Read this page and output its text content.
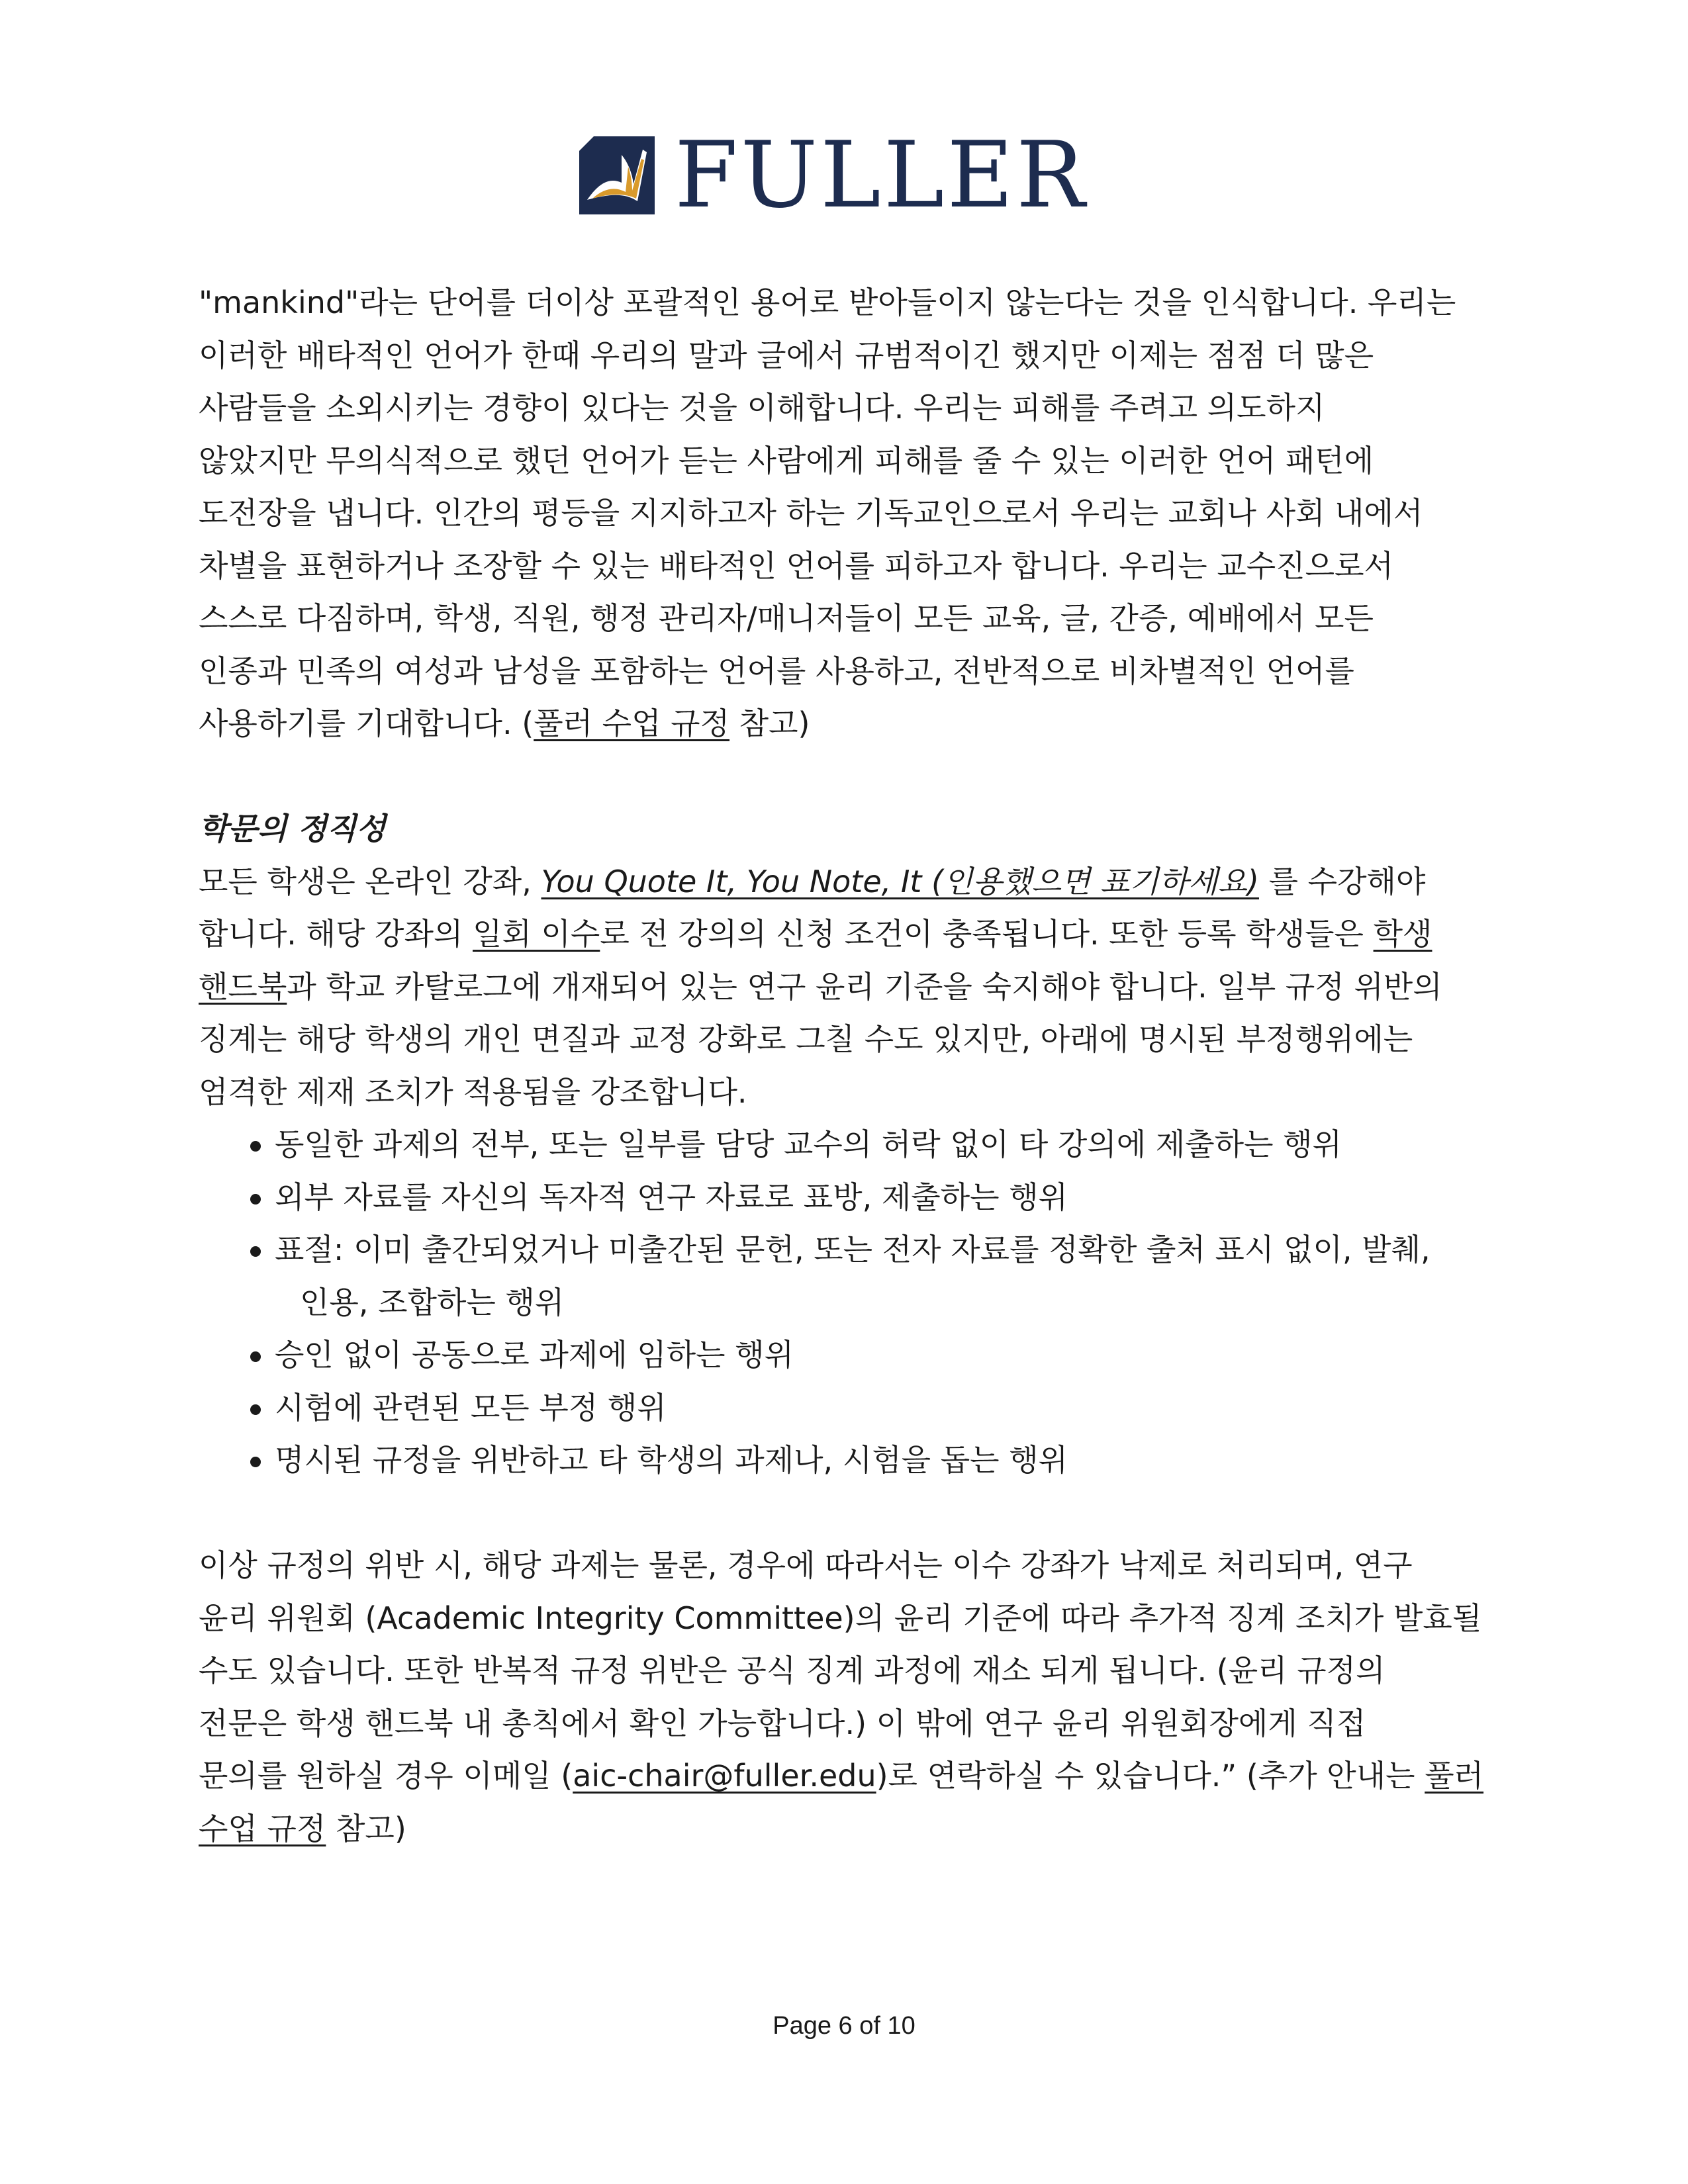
FULLER
"mankind"라는 단어를 더이상 포괄적인 용어로 받아들이지 않는다는 것을 인식합니다. 우리는
이러한 배타적인 언어가 한때 우리의 말과 글에서 규범적이긴 했지만 이제는 점점 더 많은
사람들을 소외시키는 경향이 있다는 것을 이해합니다. 우리는 피해를 주려고 의도하지
않았지만 무의식적으로 했던 언어가 듣는 사람에게 피해를 줄 수 있는 이러한 언어 패턴에
도전장을 냅니다. 인간의 평등을 지지하고자 하는 기독교인으로서 우리는 교회나 사회 내에서
차별을 표현하거나 조장할 수 있는 배타적인 언어를 피하고자 합니다. 우리는 교수진으로서
스스로 다짐하며, 학생, 직원, 행정 관리자/매니저들이 모든 교육, 글, 간증, 예배에서 모든
인종과 민족의 여성과 남성을 포함하는 언어를 사용하고, 전반적으로 비차별적인 언어를
사용하기를 기대합니다. (풀러 수업 규정 참고)
학문의 정직성
모든 학생은 온라인 강좌, You Quote It, You Note, It (인용했으면 표기하세요) 를 수강해야
합니다. 해당 강좌의 일회 이수로 전 강의의 신청 조건이 충족됩니다. 또한 등록 학생들은 학생
핸드북과 학교 카탈로그에 개재되어 있는 연구 윤리 기준을 숙지해야 합니다. 일부 규정 위반의
징계는 해당 학생의 개인 면질과 교정 강화로 그칠 수도 있지만, 아래에 명시된 부정행위에는
엄격한 제재 조치가 적용됨을 강조합니다.
동일한 과제의 전부, 또는 일부를 담당 교수의 허락 없이 타 강의에 제출하는 행위
외부 자료를 자신의 독자적 연구 자료로 표방, 제출하는 행위
표절: 이미 출간되었거나 미출간된 문헌, 또는 전자 자료를 정확한 출처 표시 없이, 발췌,
인용, 조합하는 행위
승인 없이 공동으로 과제에 임하는 행위
시험에 관련된 모든 부정 행위
명시된 규정을 위반하고 타 학생의 과제나, 시험을 돕는 행위
이상 규정의 위반 시, 해당 과제는 물론, 경우에 따라서는 이수 강좌가 낙제로 처리되며, 연구
윤리 위원회 (Academic Integrity Committee)의 윤리 기준에 따라 추가적 징계 조치가 발효될
수도 있습니다. 또한 반복적 규정 위반은 공식 징계 과정에 재소 되게 됩니다. (윤리 규정의
전문은 학생 핸드북 내 총칙에서 확인 가능합니다.) 이 밖에 연구 윤리 위원회장에게 직접
문의를 원하실 경우 이메일 (aic-chair@fuller.edu)로 연락하실 수 있습니다.” (추가 안내는 풀러
수업 규정 참고)
Page 6 of 10
